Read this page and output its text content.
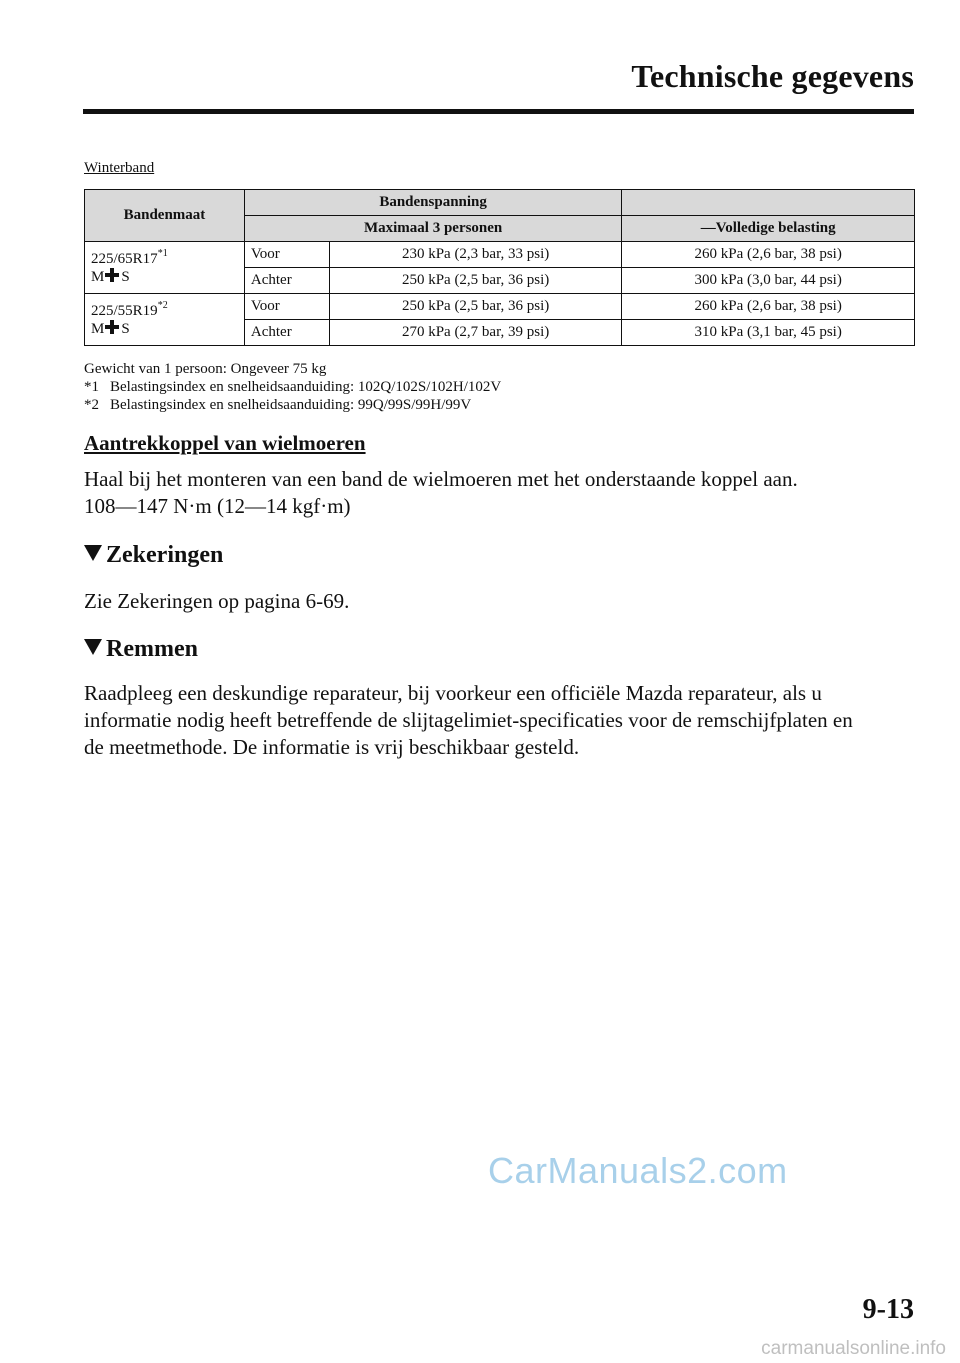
Technische gegevens
Winterband
Bandenmaat	Bandenspanning		
	Maximaal 3 personen		―Volledige belasting
225/65R17$^{*1}$
M S	Voor	230 kPa (2,3 bar, 33 psi)	260 kPa (2,6 bar, 38 psi)
	Achter	250 kPa (2,5 bar, 36 psi)	300 kPa (3,0 bar, 44 psi)
225/55R19$^{*2}$
M S	Voor	250 kPa (2,5 bar, 36 psi)	260 kPa (2,6 bar, 38 psi)
	Achter	270 kPa (2,7 bar, 39 psi)	310 kPa (3,1 bar, 45 psi)
Gewicht van 1 persoon: Ongeveer 75 kg
*1 Belastingsindex en snelheidsaanduiding: 102Q/102S/102H/102V
*2 Belastingsindex en snelheidsaanduiding: 99Q/99S/99H/99V
Aantrekkoppel van wielmoeren
Haal bij het monteren van een band de wielmoeren met het onderstaande koppel aan.
108―147 N·m (12―14 kgf·m)
Zekeringen
Zie Zekeringen op pagina 6-69.
Remmen
Raadpleeg een deskundige reparateur, bij voorkeur een officiële Mazda reparateur, als u
informatie nodig heeft betreffende de slijtagelimiet-specificaties voor de remschijfplaten en
de meetmethode. De informatie is vrij beschikbaar gesteld.
CarManuals2.com
9-13
carmanualsonline.info
